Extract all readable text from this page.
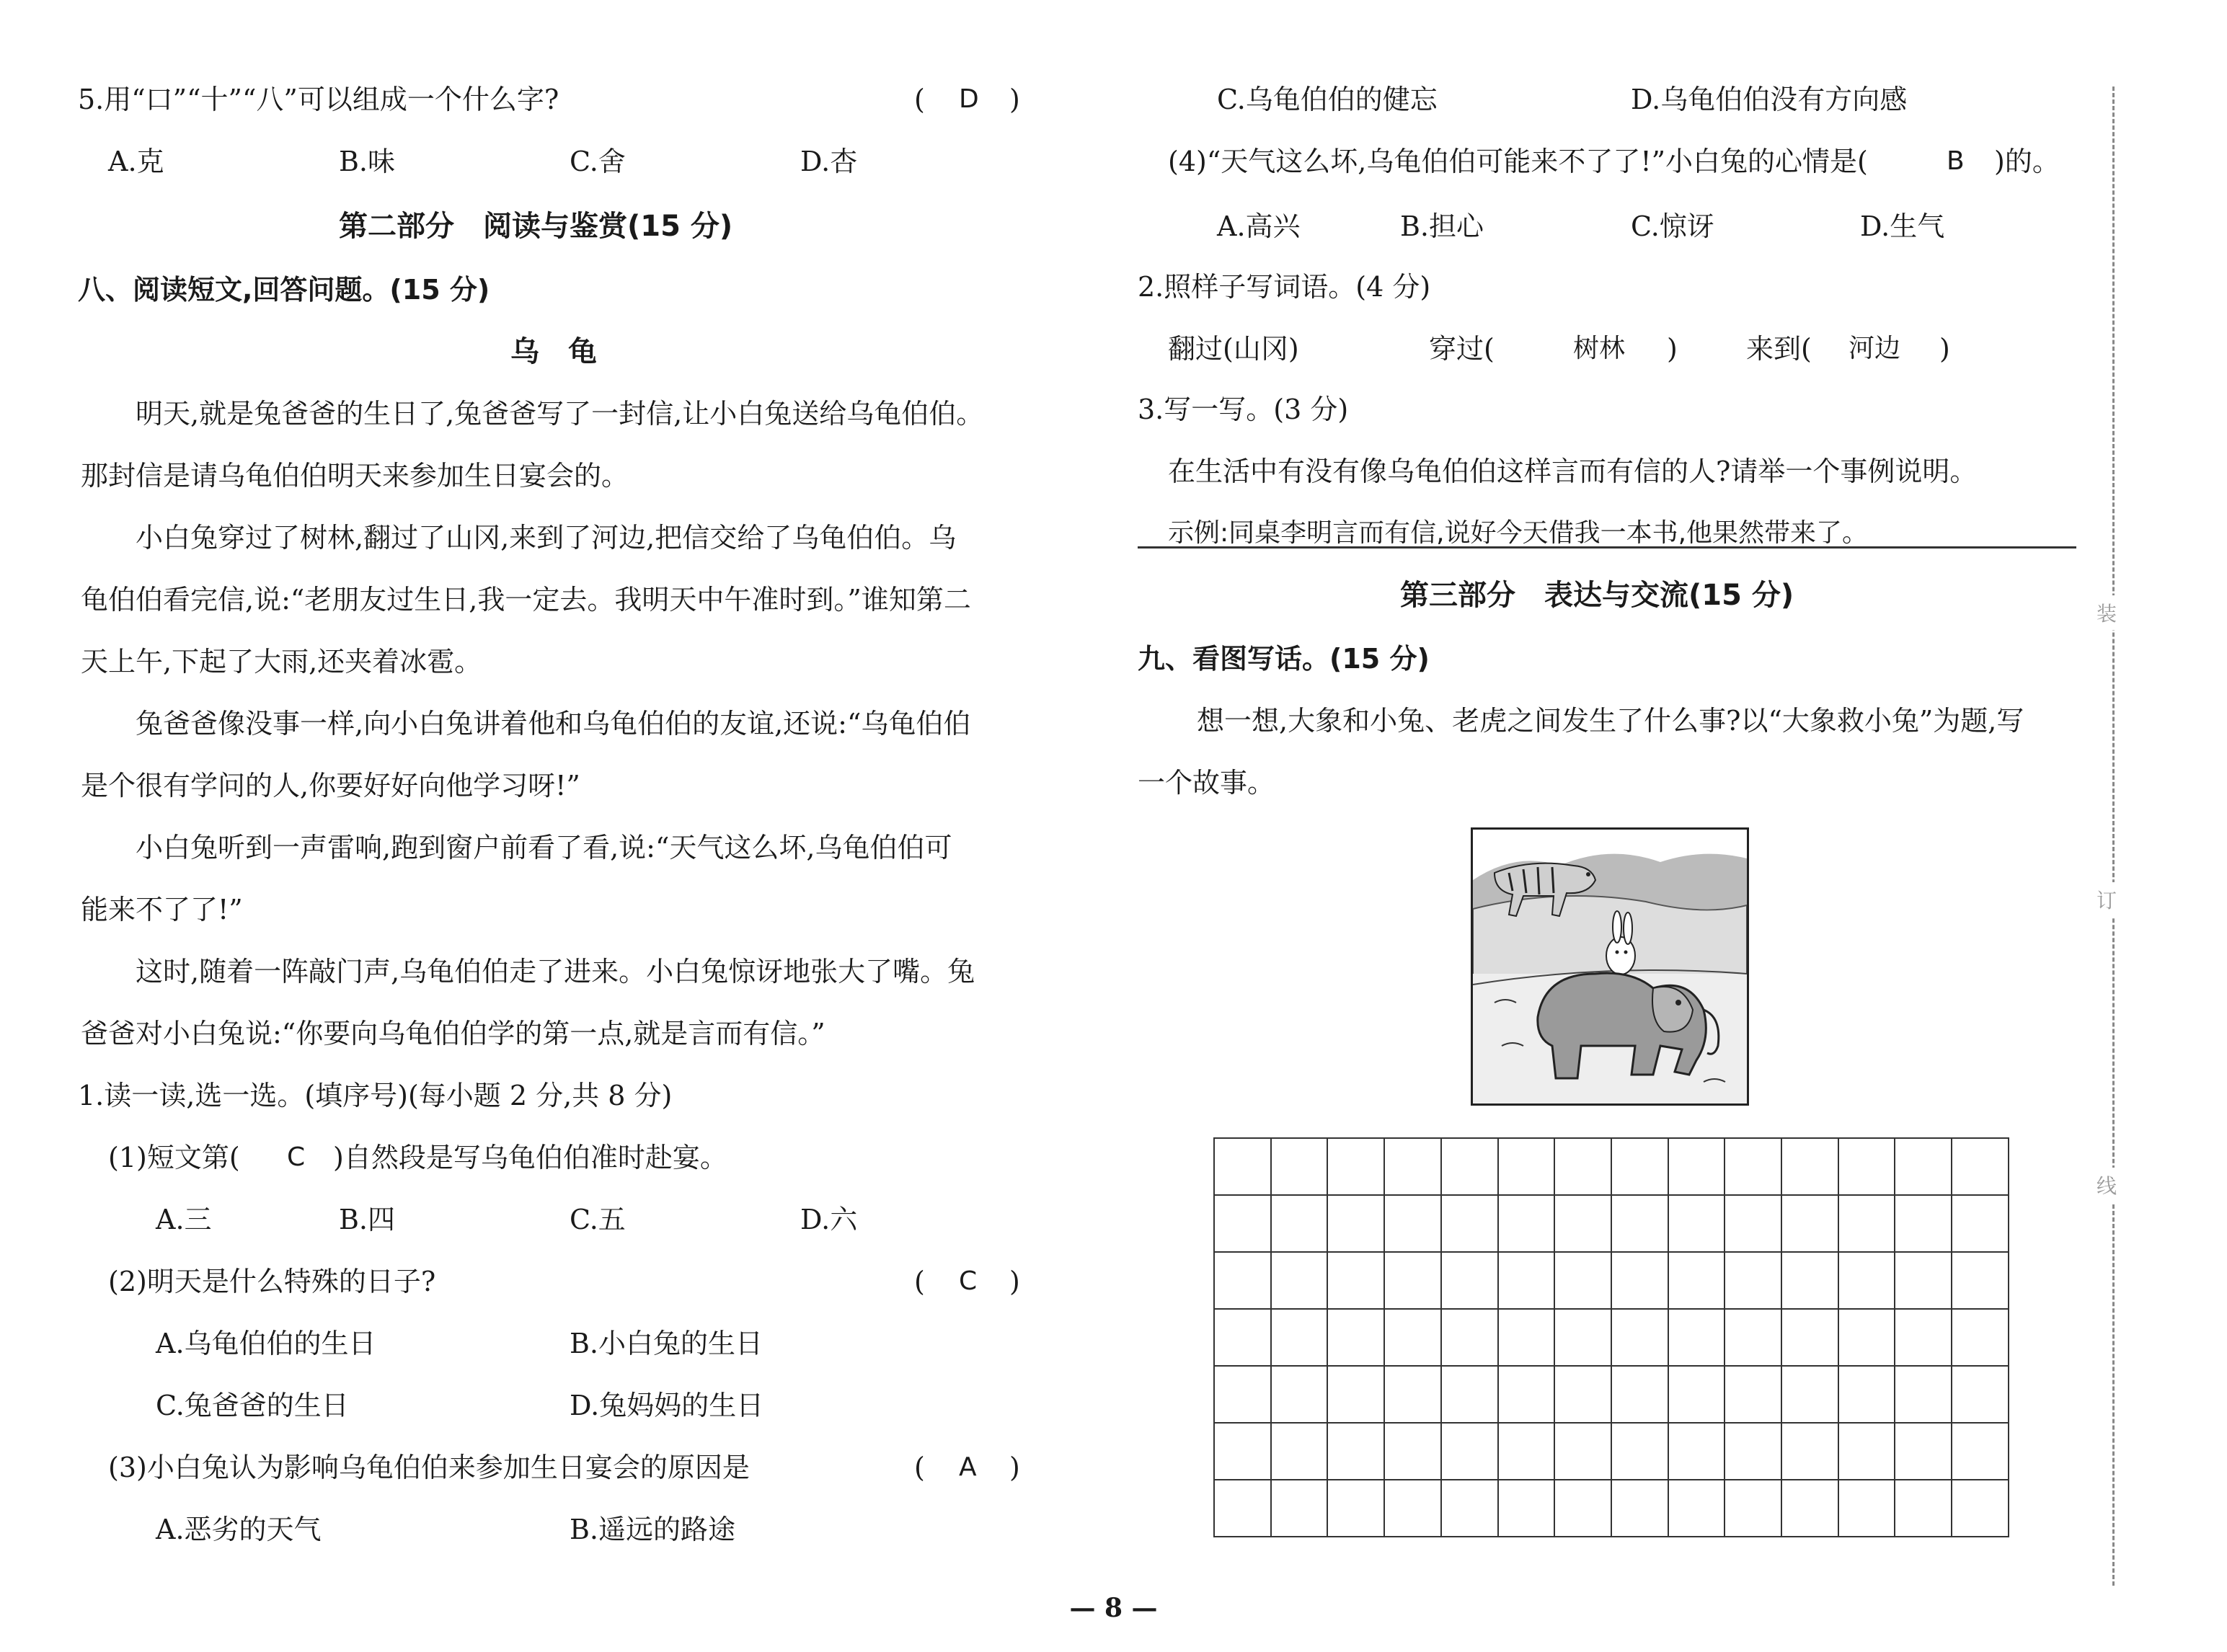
5.用“口”“十”“八”可以组成一个什么字?	( D )
A.克	B.味	C.舍	D.杏
第二部分　阅读与鉴赏(15 分)
八、阅读短文,回答问题。(15 分)
乌　龟
明天,就是兔爸爸的生日了,兔爸爸写了一封信,让小白兔送给乌龟伯伯。
那封信是请乌龟伯伯明天来参加生日宴会的。
小白兔穿过了树林,翻过了山冈,来到了河边,把信交给了乌龟伯伯。乌
龟伯伯看完信,说:“老朋友过生日,我一定去。我明天中午准时到。”谁知第二
天上午,下起了大雨,还夹着冰雹。
兔爸爸像没事一样,向小白兔讲着他和乌龟伯伯的友谊,还说:“乌龟伯伯
是个很有学问的人,你要好好向他学习呀!”
小白兔听到一声雷响,跑到窗户前看了看,说:“天气这么坏,乌龟伯伯可
能来不了了!”
这时,随着一阵敲门声,乌龟伯伯走了进来。小白兔惊讶地张大了嘴。兔
爸爸对小白兔说:“你要向乌龟伯伯学的第一点,就是言而有信。”
1.读一读,选一选。(填序号)(每小题 2 分,共 8 分)
(1)短文第( C )自然段是写乌龟伯伯准时赴宴。
A.三	B.四	C.五	D.六
(2)明天是什么特殊的日子?	( C )
A.乌龟伯伯的生日	B.小白兔的生日
C.兔爸爸的生日	D.兔妈妈的生日
(3)小白兔认为影响乌龟伯伯来参加生日宴会的原因是	( A )
A.恶劣的天气	B.遥远的路途
C.乌龟伯伯的健忘	D.乌龟伯伯没有方向感
(4)“天气这么坏,乌龟伯伯可能来不了了!”小白兔的心情是(	B )的。
A.高兴	B.担心	C.惊讶	D.生气
2.照样子写词语。(4 分)
翻过(山冈)	穿过(	树林 )	来到( 河边 )
3.写一写。(3 分)
在生活中有没有像乌龟伯伯这样言而有信的人?请举一个事例说明。
示例:同桌李明言而有信,说好今天借我一本书,他果然带来了。
第三部分　表达与交流(15 分)
九、看图写话。(15 分)
想一想,大象和小兔、老虎之间发生了什么事?以“大象救小兔”为题,写
一个故事。

装
订
线
— 8 —
